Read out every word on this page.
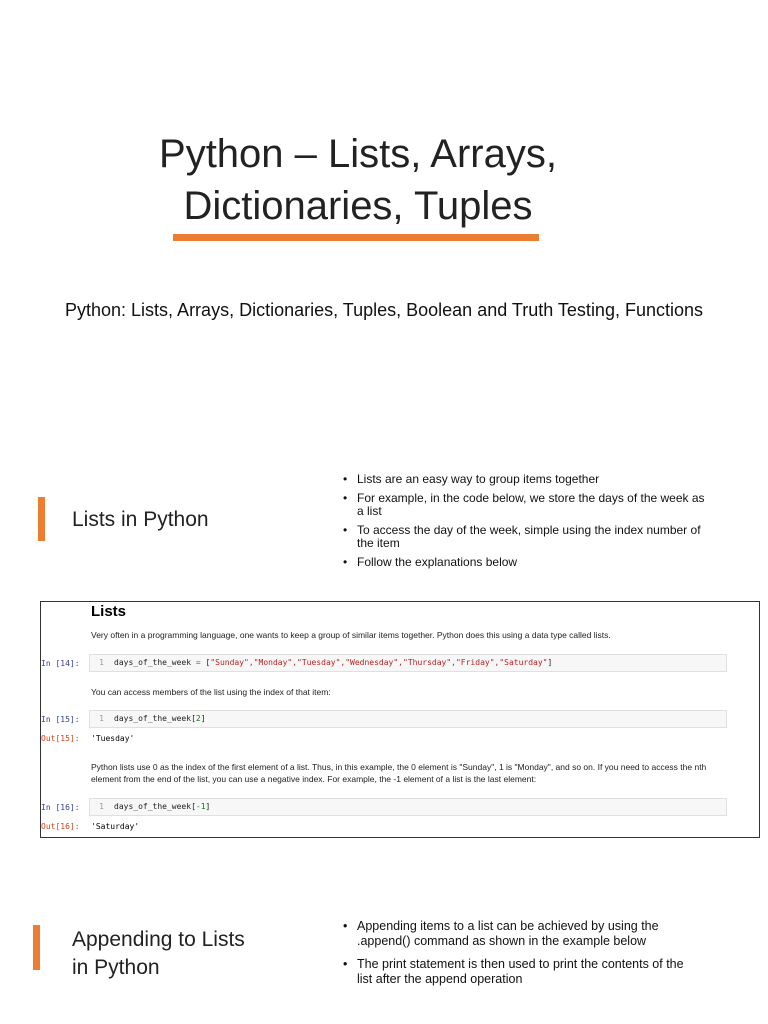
Python – Lists, Arrays,
Dictionaries, Tuples
Python: Lists, Arrays, Dictionaries, Tuples, Boolean and Truth Testing, Functions
Lists in Python
• Lists are an easy way to group items together
• For example, in the code below, we store the days of the week as a list
• To access the day of the week, simple using the index number of the item
• Follow the explanations below
Lists
Very often in a programming language, one wants to keep a group of similar items together. Python does this using a data type called lists.
In [14]:	1 days_of_the_week = ["Sunday","Monday","Tuesday","Wednesday","Thursday","Friday","Saturday"]
You can access members of the list using the index of that item:
In [15]:	1 days_of_the_week[2]
Out[15]: 'Tuesday'
Python lists use 0 as the index of the first element of a list. Thus, in this example, the 0 element is "Sunday", 1 is "Monday", and so on. If you need to access the nth element from the end of the list, you can use a negative index. For example, the -1 element of a list is the last element:
In [16]:	1 days_of_the_week[-1]
Out[16]: 'Saturday'
Appending to Lists
in Python
• Appending items to a list can be achieved by using the .append() command as shown in the example below
• The print statement is then used to print the contents of the list after the append operation
